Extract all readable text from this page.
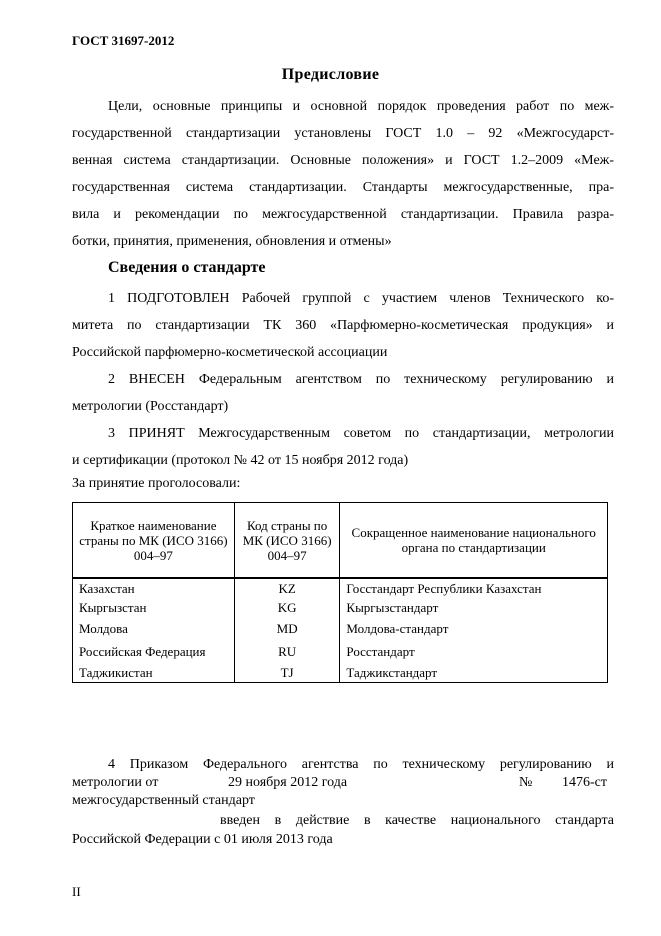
ГОСТ 31697-2012
Предисловие
Цели, основные принципы и основной порядок проведения работ по меж-
государственной стандартизации установлены ГОСТ 1.0 – 92 «Межгосударст-
венная система стандартизации. Основные положения» и ГОСТ 1.2–2009 «Меж-
государственная система стандартизации. Стандарты межгосударственные, пра-
вила и рекомендации по межгосударственной стандартизации. Правила разра-
ботки, принятия, применения, обновления и отмены»
Сведения о стандарте
1 ПОДГОТОВЛЕН Рабочей группой с участием членов Технического ко-
митета по стандартизации ТК 360 «Парфюмерно-косметическая продукция» и
Российской парфюмерно-косметической ассоциации
2 ВНЕСЕН Федеральным агентством по техническому регулированию и
метрологии (Росстандарт)
3 ПРИНЯТ Межгосударственным советом по стандартизации, метрологии
и сертификации (протокол № 42 от 15 ноября 2012 года)
За принятие проголосовали:
Краткое наименование страны по МК (ИСО 3166) 004–97	Код страны по МК (ИСО 3166) 004–97	Сокращенное наименование национального органа по стандартизации
Казахстан	KZ	Госстандарт Республики Казахстан
Кыргызстан	KG	Кыргызстандарт
Молдова	MD	Молдова-стандарт
Российская Федерация	RU	Росстандарт
Таджикистан	TJ	Таджикстандарт
4 Приказом Федерального агентства по техническому регулированию и
метрологии от	29 ноября 2012 года	№ 1476-ст
межгосударственный стандарт
введен в действие в качестве национального стандарта
Российской Федерации с 01 июля 2013 года
II
